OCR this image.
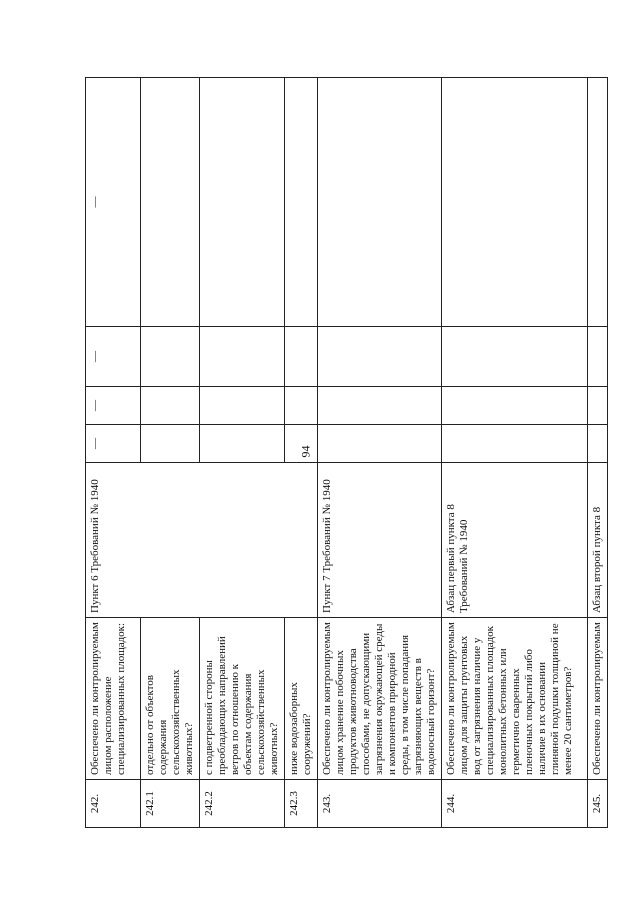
94
242.	Обеспечено ли контролируемым лицом расположение специализированных площадок:	Пункт 6 Требований № 1940	—	—	—	—

242.1	отдельно от объектов содержания сельскохозяйственных животных?					
242.2	с подветренной стороны преобладающих направлений ветров по отношению к объектам содержания сельскохозяйственных животных?					
242.3	ниже водозаборных сооружений?					
243.	Обеспечено ли контролируемым лицом хранение побочных продуктов животноводства способами, не допускающими загрязнения окружающей среды и компонентов природной среды, в том числе попадания загрязняющих веществ в водоносный горизонт?	Пункт 7 Требований № 1940				
244.	Обеспечено ли контролируемым лицом для защиты грунтовых вод от загрязнения наличие у специализированных площадок монолитных бетонных или герметично сваренных пленочных покрытий либо наличие в их основании глиняной подушки толщиной не менее 20 сантиметров?	Абзац первый пункта 8 Требований № 1940				
245.	Обеспечено ли контролируемым	Абзац второй пункта 8				
